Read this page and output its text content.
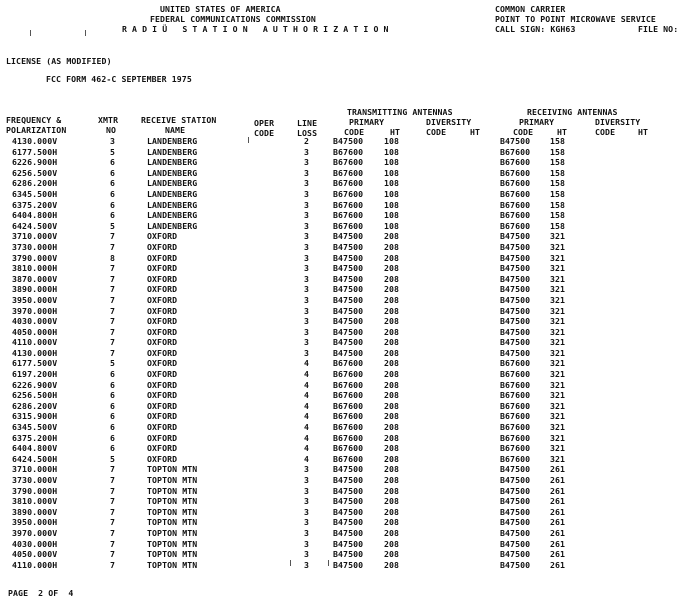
UNITED STATES OF AMERICA
FEDERAL COMMUNICATIONS COMMISSION
R A D I Ü   S T A T I O N   A U T H O R I Z A T I O N
COMMON CARRIER
POINT TO POINT MICROWAVE SERVICE
CALL SIGN: KGH63	FILE NO:
LICENSE (AS MODIFIED)
FCC FORM 462-C SEPTEMBER 1975
FREQUENCY &
POLARIZATION
XMTR
NO
RECEIVE STATION
NAME
OPER
CODE
LINE
LOSS
TRANSMITTING ANTENNAS
PRIMARY	DIVERSITY
CODE	HT	CODE	HT
RECEIVING ANTENNAS
PRIMARY	DIVERSITY
CODE	HT	CODE	HT
4130.000V	3	LANDENBERG	2	B47500	108	B47500 158
6177.500H	5	LANDENBERG	3	B67600	108	B67600 158
6226.900H	6	LANDENBERG	3	B67600	108	B67600 158
6256.500V	6	LANDENBERG	3	B67600	108	B67600 158
6286.200H	6	LANDENBERG	3	B67600	108	B67600 158
6345.500H	6	LANDENBERG	3	B67600	108	B67600 158
6375.200V	6	LANDENBERG	3	B67600	108	B67600 158
6404.800H	6	LANDENBERG	3	B67600	108	B67600 158
6424.500V	5	LANDENBERG	3	B67600	108	B67600 158
3710.000V	7	OXFORD	3	B47500	208	B47500 321
3730.000H	7	OXFORD	3	B47500	208	B47500 321
3790.000V	8	OXFORD	3	B47500	208	B47500 321
3810.000H	7	OXFORD	3	B47500	208	B47500 321
3870.000V	7	OXFORD	3	B47500	208	B47500 321
3890.000H	7	OXFORD	3	B47500	208	B47500 321
3950.000V	7	OXFORD	3	B47500	208	B47500 321
3970.000H	7	OXFORD	3	B47500	208	B47500 321
4030.000V	7	OXFORD	3	B47500	208	B47500 321
4050.000H	7	OXFORD	3	B47500	208	B47500 321
4110.000V	7	OXFORD	3	B47500	208	B47500 321
4130.000H	7	OXFORD	3	B47500	208	B47500 321
6177.500V	5	OXFORD	4	B67600	208	B67600 321
6197.200H	6	OXFORD	4	B67600	208	B67600 321
6226.900V	6	OXFORD	4	B67600	208	B67600 321
6256.500H	6	OXFORD	4	B67600	208	B67600 321
6286.200V	6	OXFORD	4	B67600	208	B67600 321
6315.900H	6	OXFORD	4	B67600	208	B67600 321
6345.500V	6	OXFORD	4	B67600	208	B67600 321
6375.200H	6	OXFORD	4	B67600	208	B67600 321
6404.800V	6	OXFORD	4	B67600	208	B67600 321
6424.500H	5	OXFORD	4	B67600	208	B67600 321
3710.000H	7	TOPTON MTN	3	B47500	208	B47500 261
3730.000V	7	TOPTON MTN	3	B47500	208	B47500 261
3790.000H	7	TOPTON MTN	3	B47500	208	B47500 261
3810.000V	7	TOPTON MTN	3	B47500	208	B47500 261
3890.000V	7	TOPTON MTN	3	B47500	208	B47500 261
3950.000H	7	TOPTON MTN	3	B47500	208	B47500 261
3970.000V	7	TOPTON MTN	3	B47500	208	B47500 261
4030.000H	7	TOPTON MTN	3	B47500	208	B47500 261
4050.000V	7	TOPTON MTN	3	B47500	208	B47500 261
4110.000H	7	TOPTON MTN	3	B47500	208	B47500 261
PAGE  2 OF  4
